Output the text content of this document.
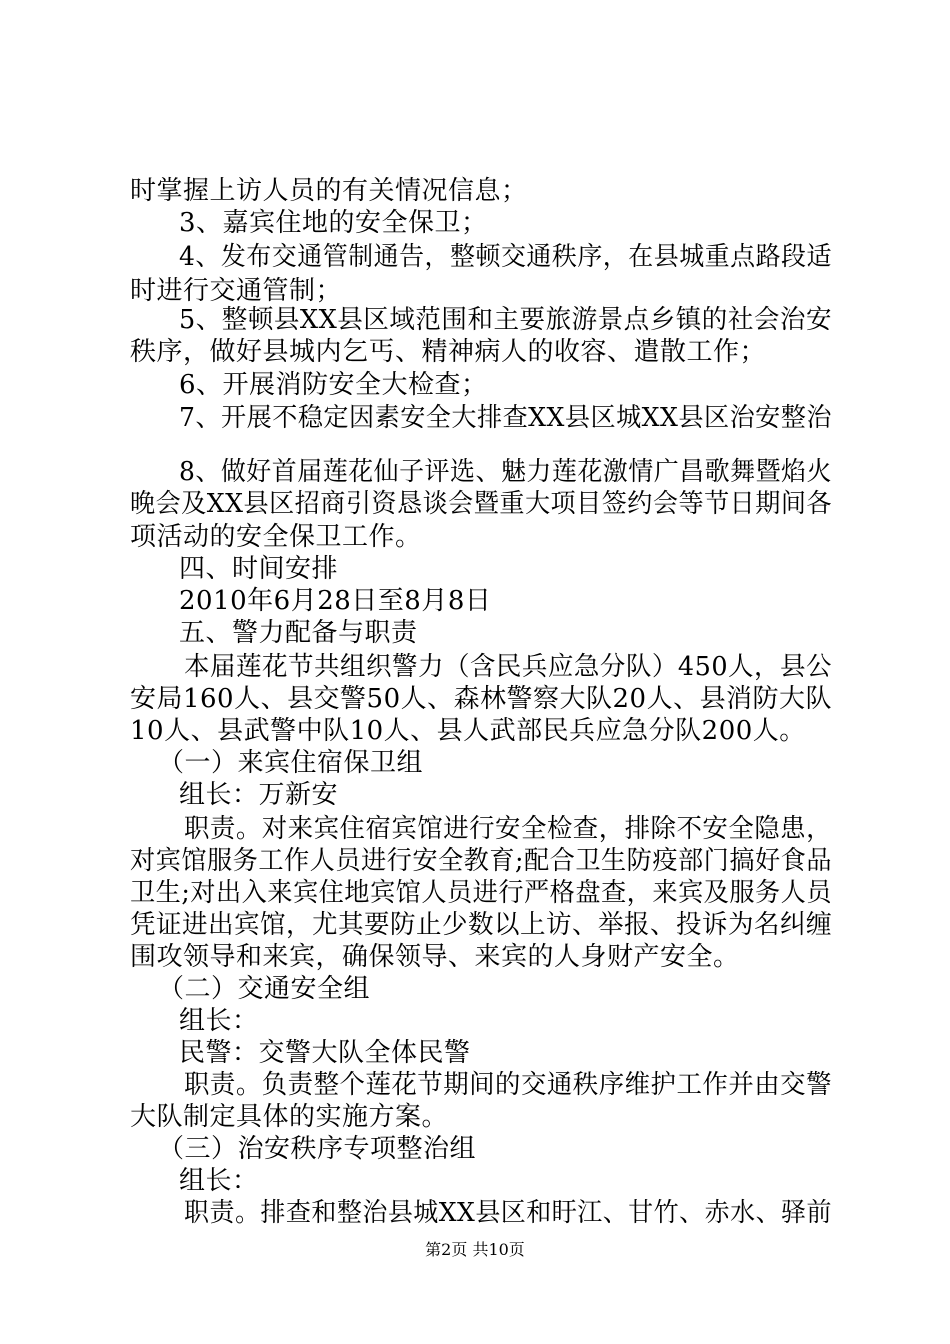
时掌握上访人员的有关情况信息；
3、嘉宾住地的安全保卫；
4、发布交通管制通告，整顿交通秩序，在县城重点路段适
时进行交通管制；
5、整顿县XX县区域范围和主要旅游景点乡镇的社会治安
秩序，做好县城内乞丐、精神病人的收容、遣散工作；
6、开展消防安全大检查；
7、开展不稳定因素安全大排查XX县区城XX县区治安整治
8、做好首届莲花仙子评选、魅力莲花激情广昌歌舞暨焰火
晚会及XX县区招商引资恳谈会暨重大项目签约会等节日期间各
项活动的安全保卫工作。
四、时间安排
2010年6月28日至8月8日
五、警力配备与职责
本届莲花节共组织警力（含民兵应急分队）450人，县公
安局160人、县交警50人、森林警察大队20人、县消防大队
10人、县武警中队10人、县人武部民兵应急分队200人。
（一）来宾住宿保卫组
组长：万新安
职责。对来宾住宿宾馆进行安全检查，排除不安全隐患，
对宾馆服务工作人员进行安全教育;配合卫生防疫部门搞好食品
卫生;对出入来宾住地宾馆人员进行严格盘查，来宾及服务人员
凭证进出宾馆，尤其要防止少数以上访、举报、投诉为名纠缠
围攻领导和来宾，确保领导、来宾的人身财产安全。
（二）交通安全组
组长：
民警：交警大队全体民警
职责。负责整个莲花节期间的交通秩序维护工作并由交警
大队制定具体的实施方案。
（三）治安秩序专项整治组
组长：
职责。排查和整治县城XX县区和盱江、甘竹、赤水、驿前
第2页 共10页
